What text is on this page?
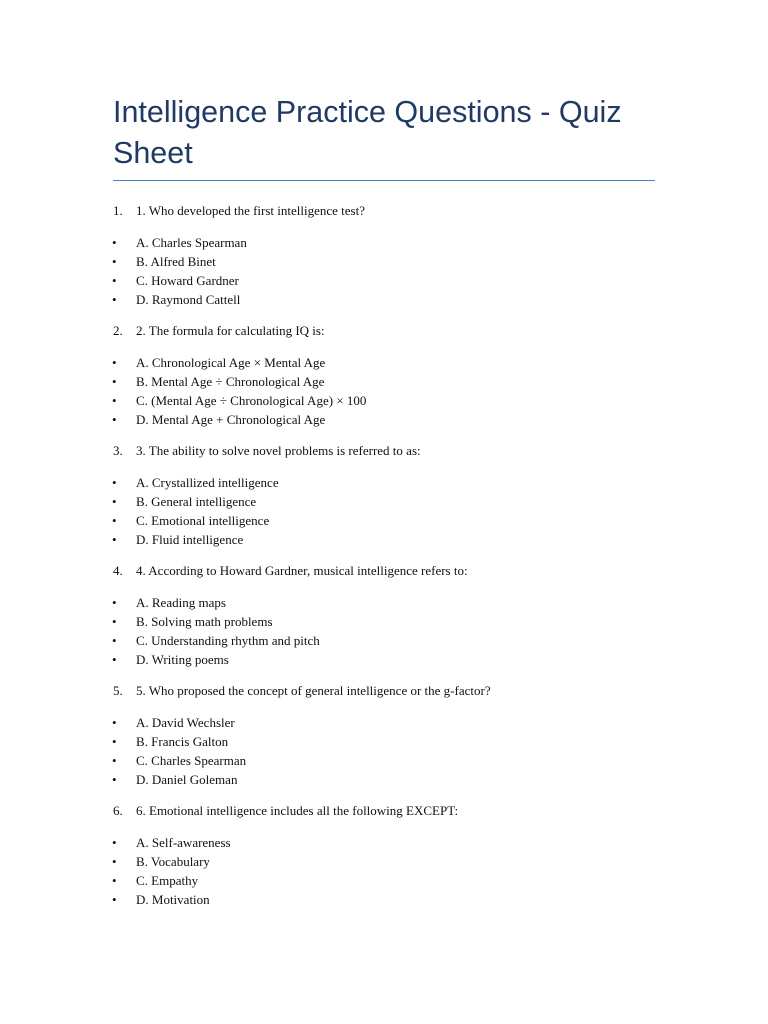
Intelligence Practice Questions - Quiz Sheet
1. 1. Who developed the first intelligence test?
• A. Charles Spearman
• B. Alfred Binet
• C. Howard Gardner
• D. Raymond Cattell
2. 2. The formula for calculating IQ is:
• A. Chronological Age × Mental Age
• B. Mental Age ÷ Chronological Age
• C. (Mental Age ÷ Chronological Age) × 100
• D. Mental Age + Chronological Age
3. 3. The ability to solve novel problems is referred to as:
• A. Crystallized intelligence
• B. General intelligence
• C. Emotional intelligence
• D. Fluid intelligence
4. 4. According to Howard Gardner, musical intelligence refers to:
• A. Reading maps
• B. Solving math problems
• C. Understanding rhythm and pitch
• D. Writing poems
5. 5. Who proposed the concept of general intelligence or the g-factor?
• A. David Wechsler
• B. Francis Galton
• C. Charles Spearman
• D. Daniel Goleman
6. 6. Emotional intelligence includes all the following EXCEPT:
• A. Self-awareness
• B. Vocabulary
• C. Empathy
• D. Motivation
